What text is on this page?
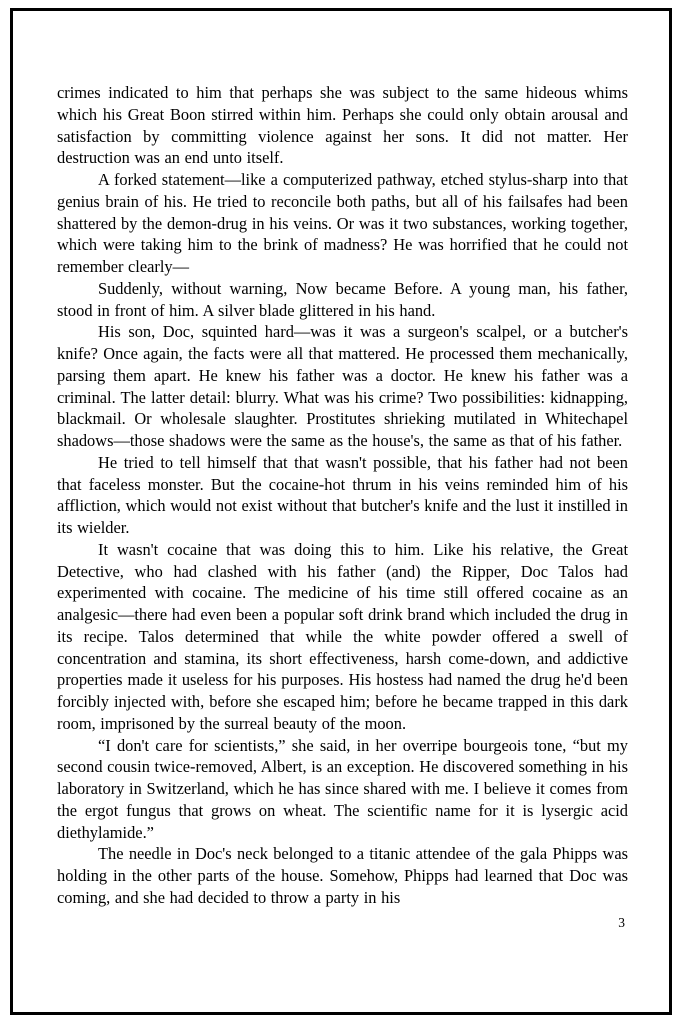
crimes indicated to him that perhaps she was subject to the same hideous whims which his Great Boon stirred within him. Perhaps she could only obtain arousal and satisfaction by committing violence against her sons. It did not matter. Her destruction was an end unto itself.

A forked statement—like a computerized pathway, etched stylus-sharp into that genius brain of his. He tried to reconcile both paths, but all of his failsafes had been shattered by the demon-drug in his veins. Or was it two substances, working together, which were taking him to the brink of madness? He was horrified that he could not remember clearly—

Suddenly, without warning, Now became Before. A young man, his father, stood in front of him. A silver blade glittered in his hand.

His son, Doc, squinted hard—was it was a surgeon's scalpel, or a butcher's knife? Once again, the facts were all that mattered. He processed them mechanically, parsing them apart. He knew his father was a doctor. He knew his father was a criminal. The latter detail: blurry. What was his crime? Two possibilities: kidnapping, blackmail. Or wholesale slaughter. Prostitutes shrieking mutilated in Whitechapel shadows—those shadows were the same as the house's, the same as that of his father.

He tried to tell himself that that wasn't possible, that his father had not been that faceless monster. But the cocaine-hot thrum in his veins reminded him of his affliction, which would not exist without that butcher's knife and the lust it instilled in its wielder.

It wasn't cocaine that was doing this to him. Like his relative, the Great Detective, who had clashed with his father (and) the Ripper, Doc Talos had experimented with cocaine. The medicine of his time still offered cocaine as an analgesic—there had even been a popular soft drink brand which included the drug in its recipe. Talos determined that while the white powder offered a swell of concentration and stamina, its short effectiveness, harsh come-down, and addictive properties made it useless for his purposes. His hostess had named the drug he'd been forcibly injected with, before she escaped him; before he became trapped in this dark room, imprisoned by the surreal beauty of the moon.

“I don't care for scientists,” she said, in her overripe bourgeois tone, “but my second cousin twice-removed, Albert, is an exception. He discovered something in his laboratory in Switzerland, which he has since shared with me. I believe it comes from the ergot fungus that grows on wheat. The scientific name for it is lysergic acid diethylamide.”

The needle in Doc's neck belonged to a titanic attendee of the gala Phipps was holding in the other parts of the house. Somehow, Phipps had learned that Doc was coming, and she had decided to throw a party in his

3
